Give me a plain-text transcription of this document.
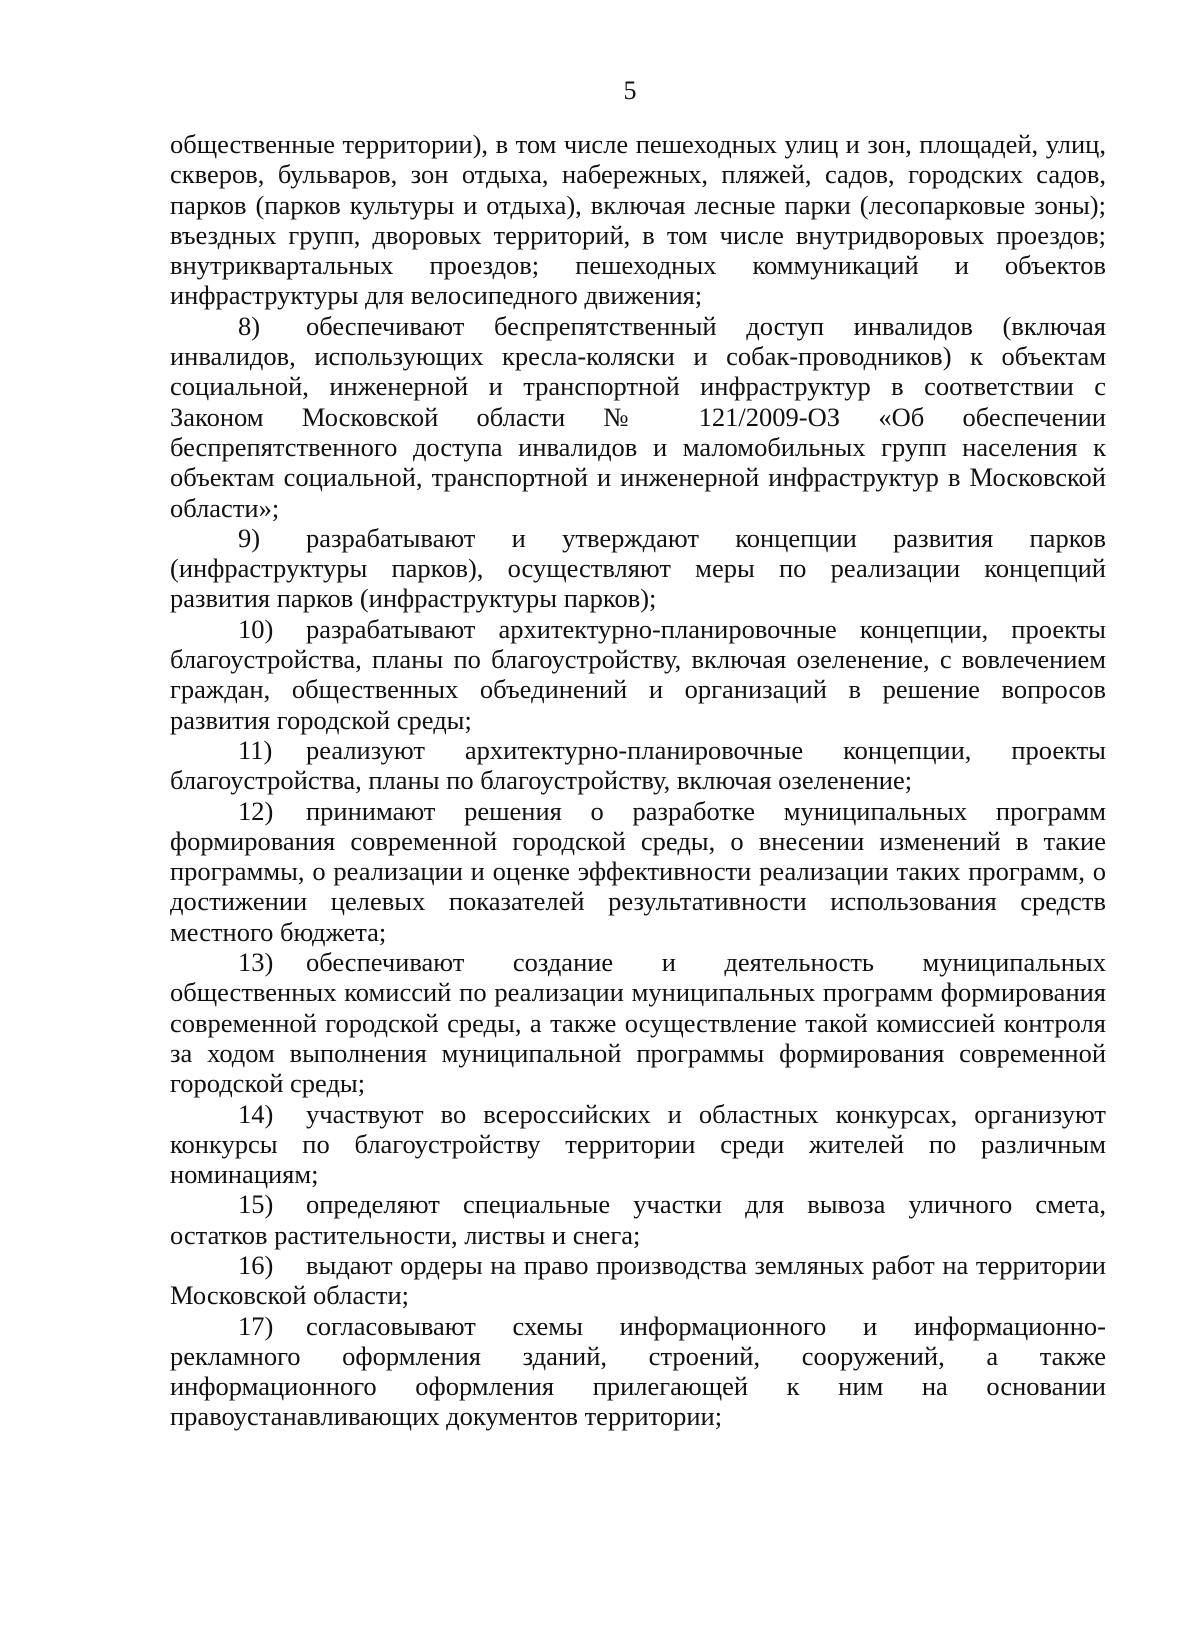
5

общественные территории), в том числе пешеходных улиц и зон, площадей, улиц, скверов, бульваров, зон отдыха, набережных, пляжей, садов, городских садов, парков (парков культуры и отдыха), включая лесные парки (лесопарковые зоны); въездных групп, дворовых территорий, в том числе внутридворовых проездов; внутриквартальных проездов; пешеходных коммуникаций и объектов инфраструктуры для велосипедного движения;

8) обеспечивают беспрепятственный доступ инвалидов (включая инвалидов, использующих кресла-коляски и собак-проводников) к объектам социальной, инженерной и транспортной инфраструктур в соответствии с Законом Московской области № 121/2009-ОЗ «Об обеспечении беспрепятственного доступа инвалидов и маломобильных групп населения к объектам социальной, транспортной и инженерной инфраструктур в Московской области»;

9) разрабатывают и утверждают концепции развития парков (инфраструктуры парков), осуществляют меры по реализации концепций развития парков (инфраструктуры парков);

10) разрабатывают архитектурно-планировочные концепции, проекты благоустройства, планы по благоустройству, включая озеленение, с вовлечением граждан, общественных объединений и организаций в решение вопросов развития городской среды;

11) реализуют архитектурно-планировочные концепции, проекты благоустройства, планы по благоустройству, включая озеленение;

12) принимают решения о разработке муниципальных программ формирования современной городской среды, о внесении изменений в такие программы, о реализации и оценке эффективности реализации таких программ, о достижении целевых показателей результативности использования средств местного бюджета;

13) обеспечивают создание и деятельность муниципальных общественных комиссий по реализации муниципальных программ формирования современной городской среды, а также осуществление такой комиссией контроля за ходом выполнения муниципальной программы формирования современной городской среды;

14) участвуют во всероссийских и областных конкурсах, организуют конкурсы по благоустройству территории среди жителей по различным номинациям;

15) определяют специальные участки для вывоза уличного смета, остатков растительности, листвы и снега;

16) выдают ордеры на право производства земляных работ на территории Московской области;

17) согласовывают схемы информационного и информационно-рекламного оформления зданий, строений, сооружений, а также информационного оформления прилегающей к ним на основании правоустанавливающих документов территории;
